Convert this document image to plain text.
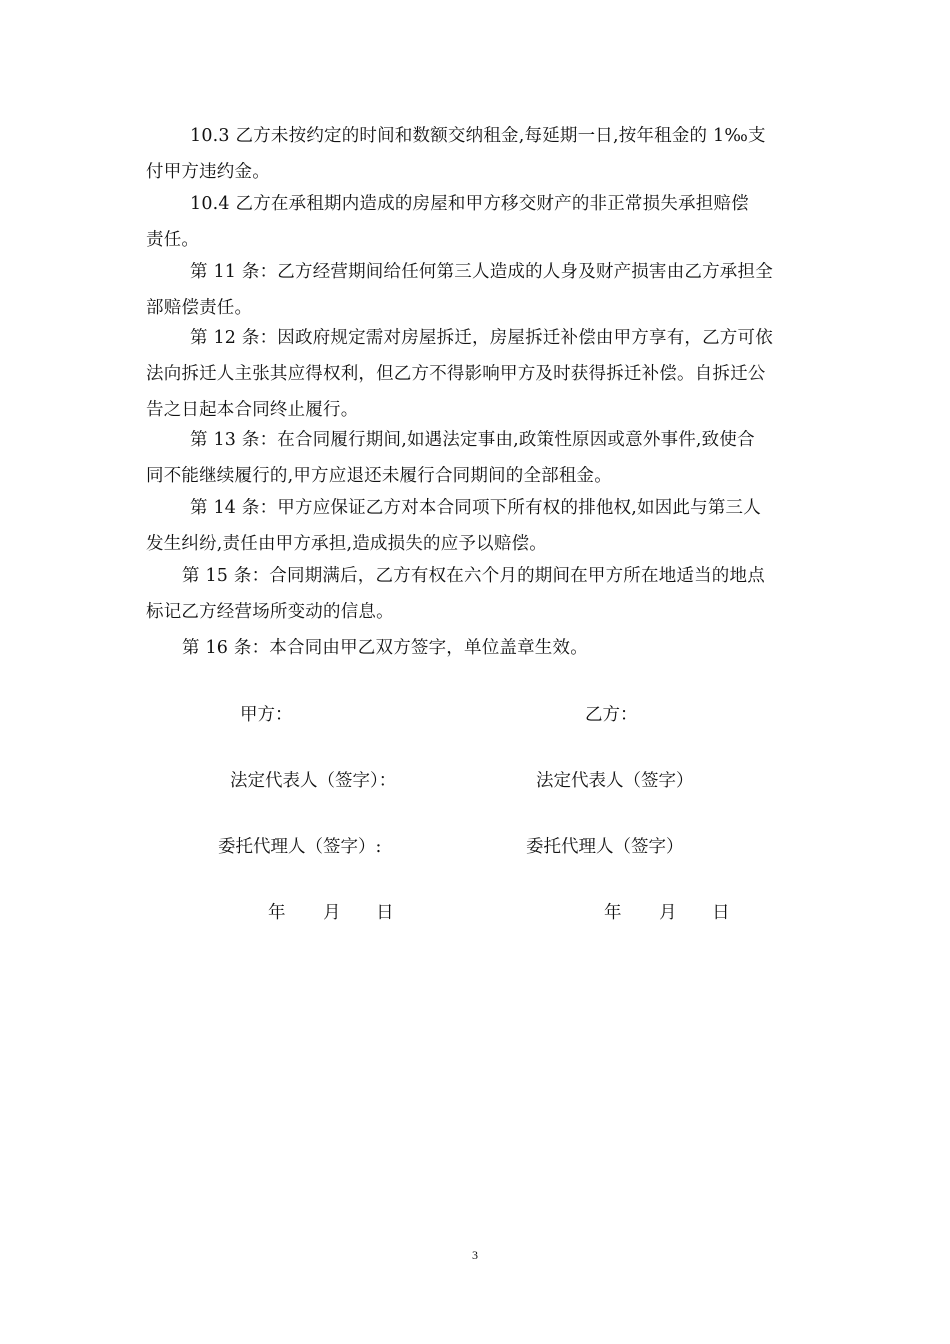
10.3 乙方未按约定的时间和数额交纳租金,每延期一日,按年租金的 1‰支
付甲方违约金。
10.4 乙方在承租期内造成的房屋和甲方移交财产的非正常损失承担赔偿
责任。
第 11 条：乙方经营期间给任何第三人造成的人身及财产损害由乙方承担全
部赔偿责任。
第 12 条：因政府规定需对房屋拆迁，房屋拆迁补偿由甲方享有，乙方可依
法向拆迁人主张其应得权利，但乙方不得影响甲方及时获得拆迁补偿。自拆迁公
告之日起本合同终止履行。
第 13 条：在合同履行期间,如遇法定事由,政策性原因或意外事件,致使合
同不能继续履行的,甲方应退还未履行合同期间的全部租金。
第 14 条：甲方应保证乙方对本合同项下所有权的排他权,如因此与第三人
发生纠纷,责任由甲方承担,造成损失的应予以赔偿。
第 15 条：合同期满后，乙方有权在六个月的期间在甲方所在地适当的地点
标记乙方经营场所变动的信息。
第 16 条：本合同由甲乙双方签字，单位盖章生效。
甲方：
法定代表人（签字）：
委托代理人（签字）:
年 月 日
乙方：
法定代表人（签字）
委托代理人（签字）
年 月 日
3
